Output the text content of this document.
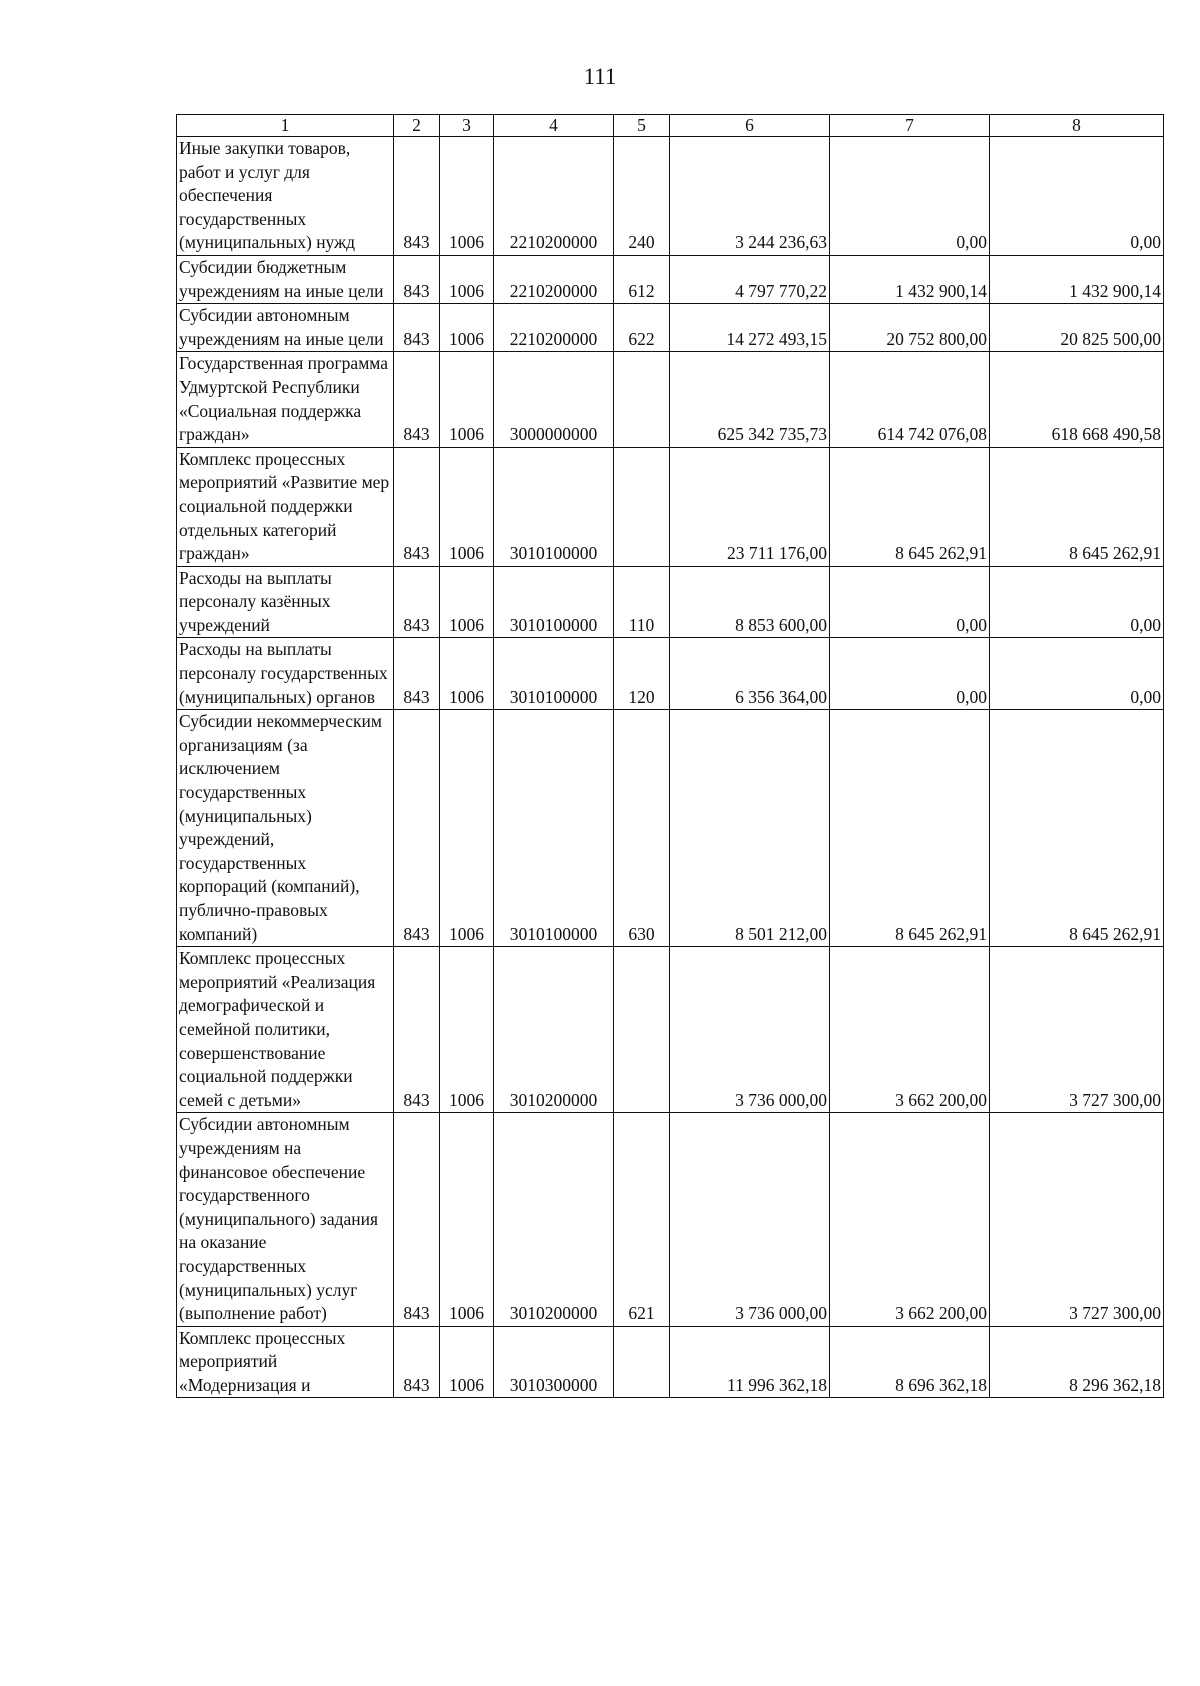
111
1	2	3	4	5	6	7	8
Иные закупки товаров, работ и услуг для обеспечения государственных (муниципальных) нужд	843	1006	2210200000	240	3 244 236,63	0,00	0,00
Субсидии бюджетным учреждениям на иные цели	843	1006	2210200000	612	4 797 770,22	1 432 900,14	1 432 900,14
Субсидии автономным учреждениям на иные цели	843	1006	2210200000	622	14 272 493,15	20 752 800,00	20 825 500,00
Государственная программа Удмуртской Республики «Социальная поддержка граждан»	843	1006	3000000000		625 342 735,73	614 742 076,08	618 668 490,58
Комплекс процессных мероприятий «Развитие мер социальной поддержки отдельных категорий граждан»	843	1006	3010100000		23 711 176,00	8 645 262,91	8 645 262,91
Расходы на выплаты персоналу казённых учреждений	843	1006	3010100000	110	8 853 600,00	0,00	0,00
Расходы на выплаты персоналу государственных (муниципальных) органов	843	1006	3010100000	120	6 356 364,00	0,00	0,00
Субсидии некоммерческим организациям (за исключением государственных (муниципальных) учреждений, государственных корпораций (компаний), публично-правовых компаний)	843	1006	3010100000	630	8 501 212,00	8 645 262,91	8 645 262,91
Комплекс процессных мероприятий «Реализация демографической и семейной политики, совершенствование социальной поддержки семей с детьми»	843	1006	3010200000		3 736 000,00	3 662 200,00	3 727 300,00
Субсидии автономным учреждениям на финансовое обеспечение государственного (муниципального) задания на оказание государственных (муниципальных) услуг (выполнение работ)	843	1006	3010200000	621	3 736 000,00	3 662 200,00	3 727 300,00
Комплекс процессных мероприятий «Модернизация и	843	1006	3010300000		11 996 362,18	8 696 362,18	8 296 362,18
